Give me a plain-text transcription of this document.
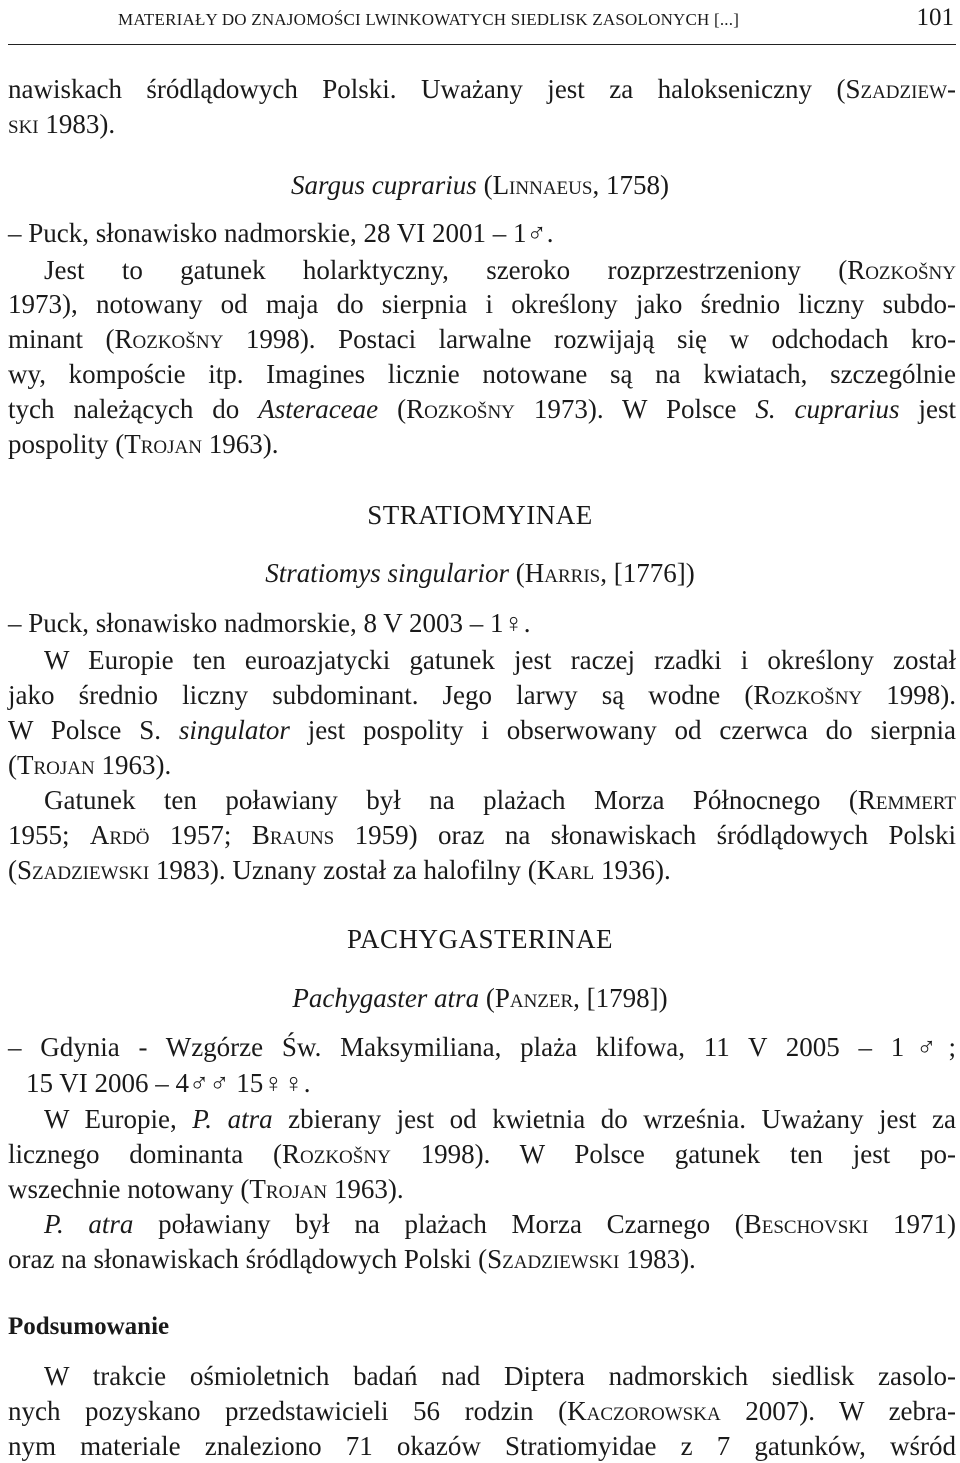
MATERIAŁY DO ZNAJOMOŚCI LWINKOWATYCH SIEDLISK ZASOLONYCH [...]	101
nawiskach śródlądowych Polski. Uważany jest za halokseniczny (Szadziew-
ski 1983).
Sargus cuprarius (Linnaeus, 1758)
– Puck, słonawisko nadmorskie, 28 VI 2001 – 1♂.
Jest to gatunek holarktyczny, szeroko rozprzestrzeniony (Rozkošny
1973), notowany od maja do sierpnia i określony jako średnio liczny subdo-
minant (Rozkošny 1998). Postaci larwalne rozwijają się w odchodach kro-
wy, kompoście itp. Imagines licznie notowane są na kwiatach, szczególnie
tych należących do Asteraceae (Rozkošny 1973). W Polsce S. cuprarius jest
pospolity (Trojan 1963).
STRATIOMYINAE
Stratiomys singularior (Harris, [1776])
– Puck, słonawisko nadmorskie, 8 V 2003 – 1♀.
W Europie ten euroazjatycki gatunek jest raczej rzadki i określony został
jako średnio liczny subdominant. Jego larwy są wodne (Rozkošny 1998).
W Polsce S. singulator jest pospolity i obserwowany od czerwca do sierpnia
(Trojan 1963).
Gatunek ten poławiany był na plażach Morza Północnego (Remmert
1955; Ardö 1957; Brauns 1959) oraz na słonawiskach śródlądowych Polski
(Szadziewski 1983). Uznany został za halofilny (Karl 1936).
PACHYGASTERINAE
Pachygaster atra (Panzer, [1798])
– Gdynia - Wzgórze Św. Maksymiliana, plaża klifowa, 11 V 2005 – 1♂;
15 VI 2006 – 4♂♂ 15♀♀.
W Europie, P. atra zbierany jest od kwietnia do września. Uważany jest za
licznego dominanta (Rozkošny 1998). W Polsce gatunek ten jest po-
wszechnie notowany (Trojan 1963).
P. atra poławiany był na plażach Morza Czarnego (Beschovski 1971)
oraz na słonawiskach śródlądowych Polski (Szadziewski 1983).
Podsumowanie
W trakcie ośmioletnich badań nad Diptera nadmorskich siedlisk zasolo-
nych pozyskano przedstawicieli 56 rodzin (Kaczorowska 2007). W zebra-
nym materiale znaleziono 71 okazów Stratiomyidae z 7 gatunków, wśród
